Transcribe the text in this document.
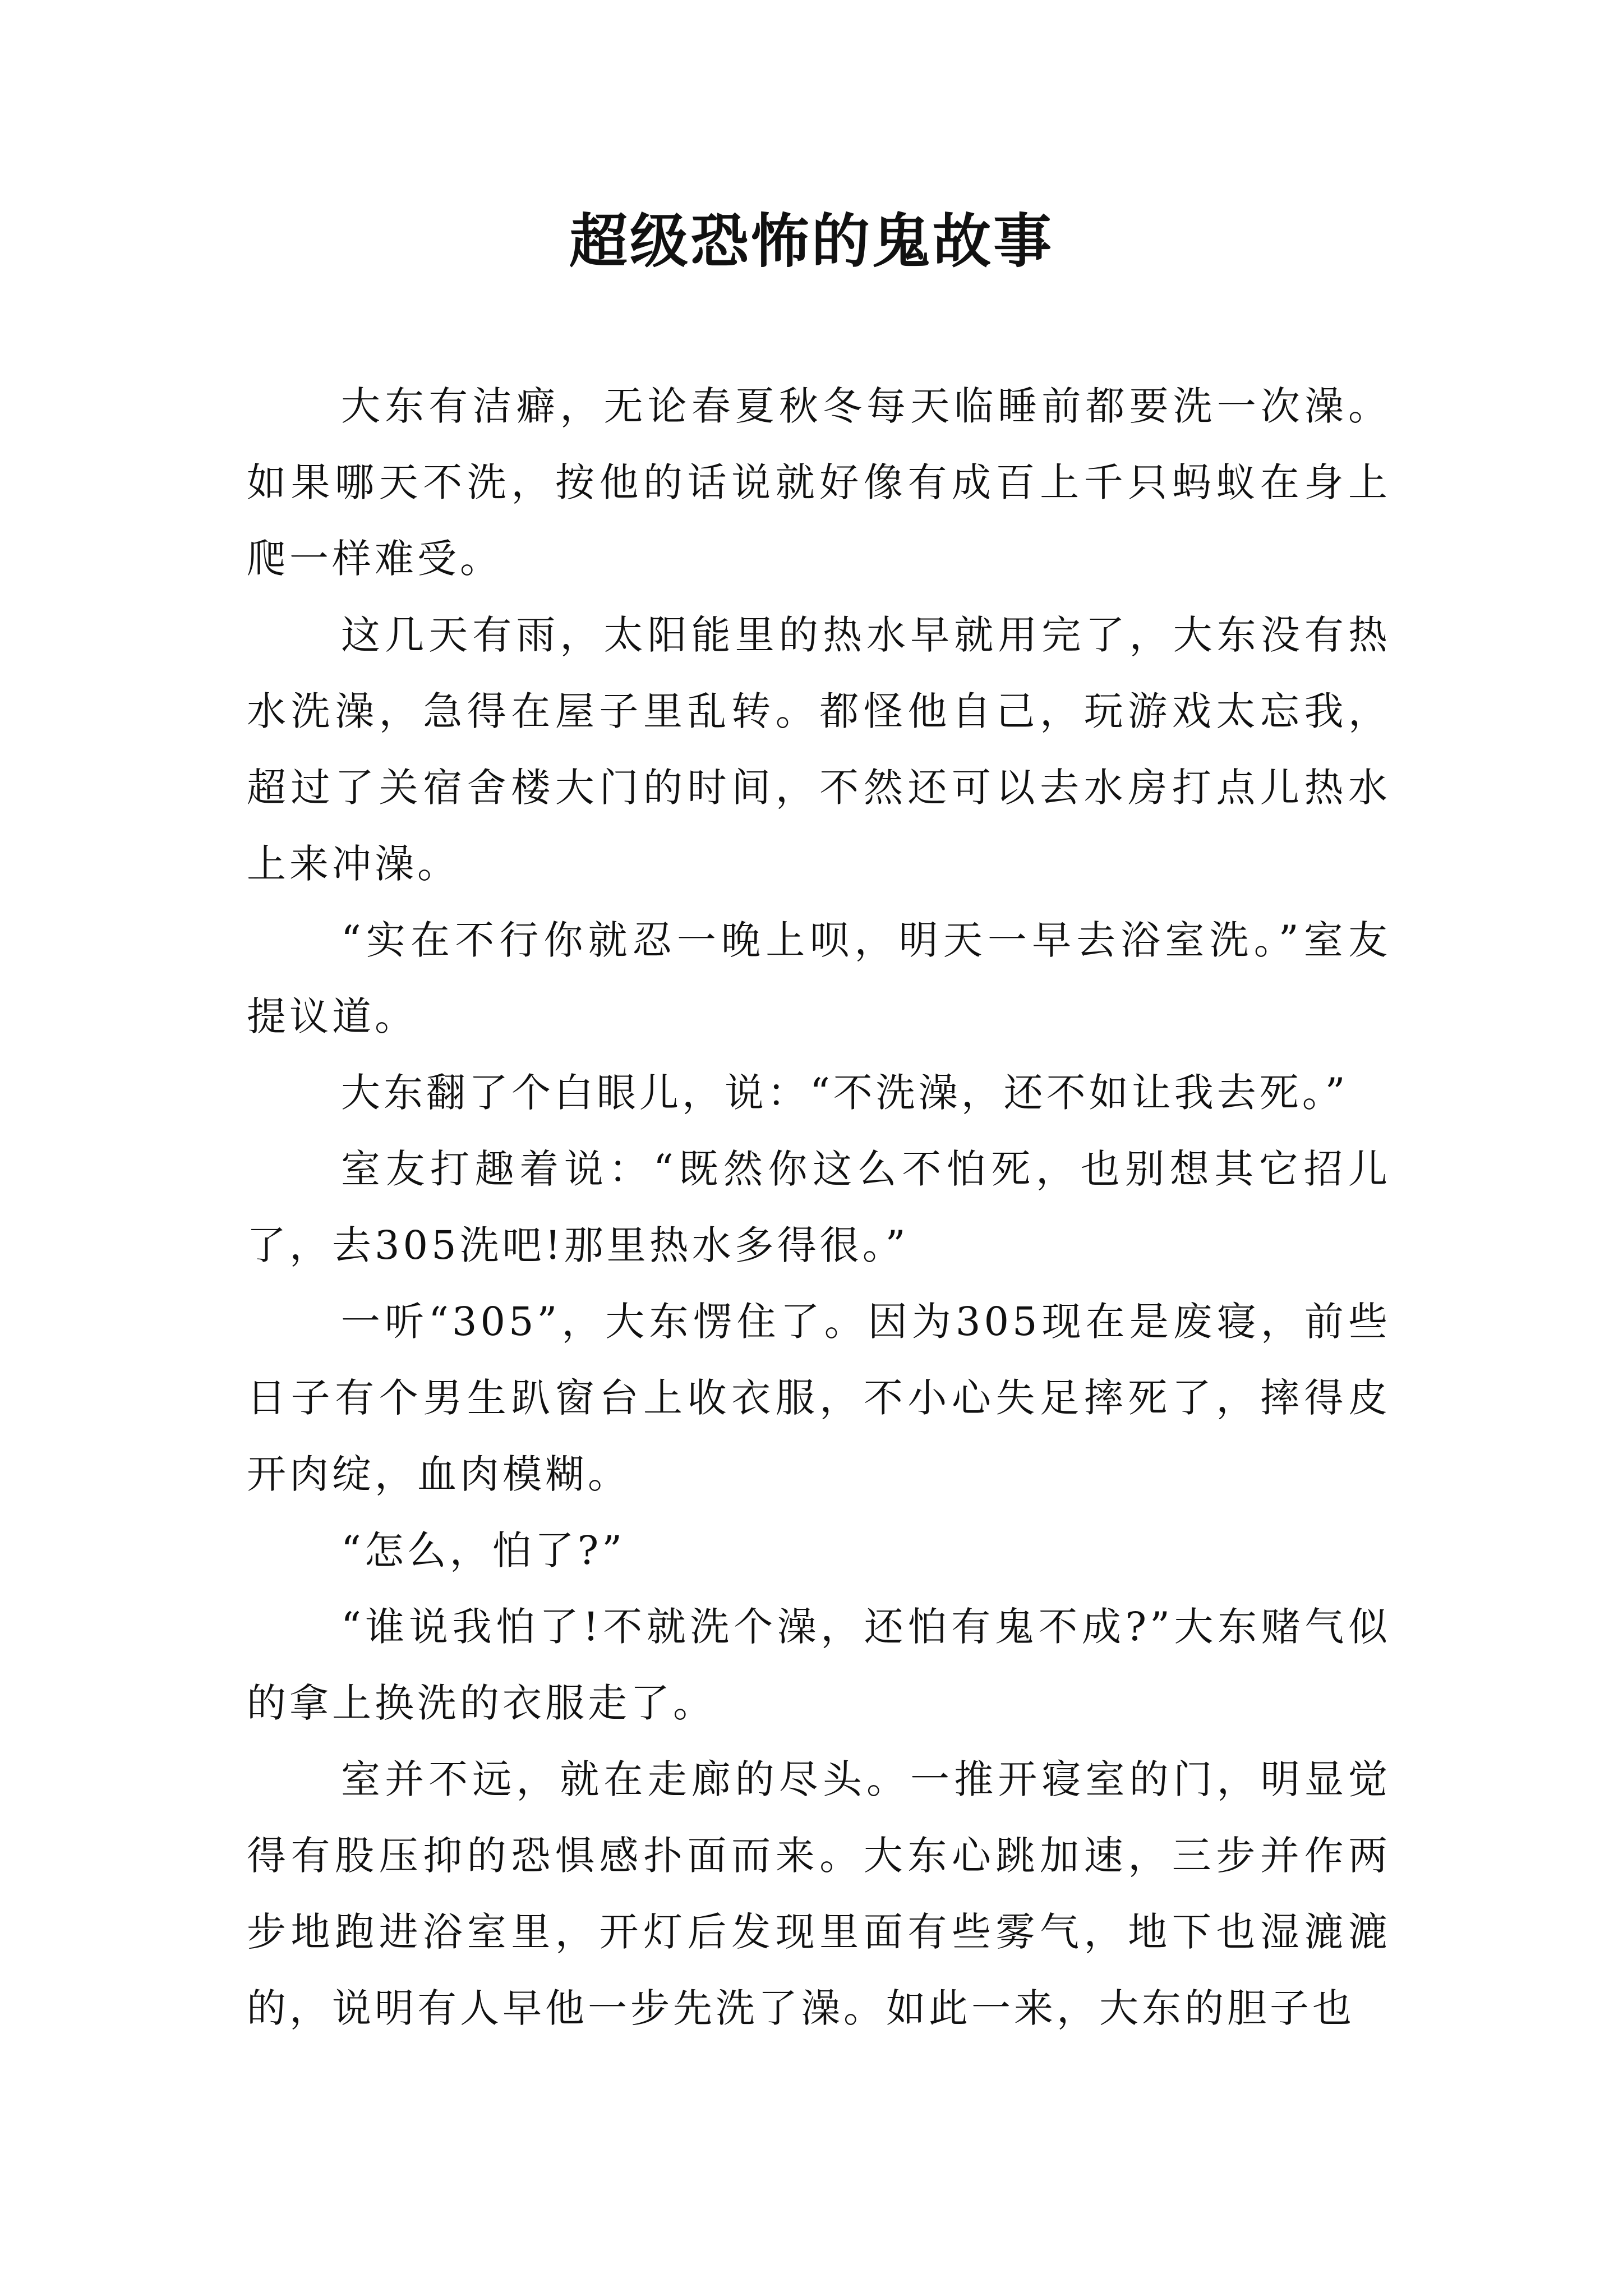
超级恐怖的鬼故事

大东有洁癖，无论春夏秋冬每天临睡前都要洗一次澡。如果哪天不洗，按他的话说就好像有成百上千只蚂蚁在身上爬一样难受。

这几天有雨，太阳能里的热水早就用完了，大东没有热水洗澡，急得在屋子里乱转。都怪他自己，玩游戏太忘我，超过了关宿舍楼大门的时间，不然还可以去水房打点儿热水上来冲澡。

“实在不行你就忍一晚上呗，明天一早去浴室洗。”室友提议道。

大东翻了个白眼儿，说：“不洗澡，还不如让我去死。”

室友打趣着说：“既然你这么不怕死，也别想其它招儿了，去305洗吧!那里热水多得很。”

一听“305”，大东愣住了。因为305现在是废寝，前些日子有个男生趴窗台上收衣服，不小心失足摔死了，摔得皮开肉绽，血肉模糊。

“怎么，怕了?”

“谁说我怕了!不就洗个澡，还怕有鬼不成?”大东赌气似的拿上换洗的衣服走了。

室并不远，就在走廊的尽头。一推开寝室的门，明显觉得有股压抑的恐惧感扑面而来。大东心跳加速，三步并作两步地跑进浴室里，开灯后发现里面有些雾气，地下也湿漉漉的，说明有人早他一步先洗了澡。如此一来，大东的胆子也
